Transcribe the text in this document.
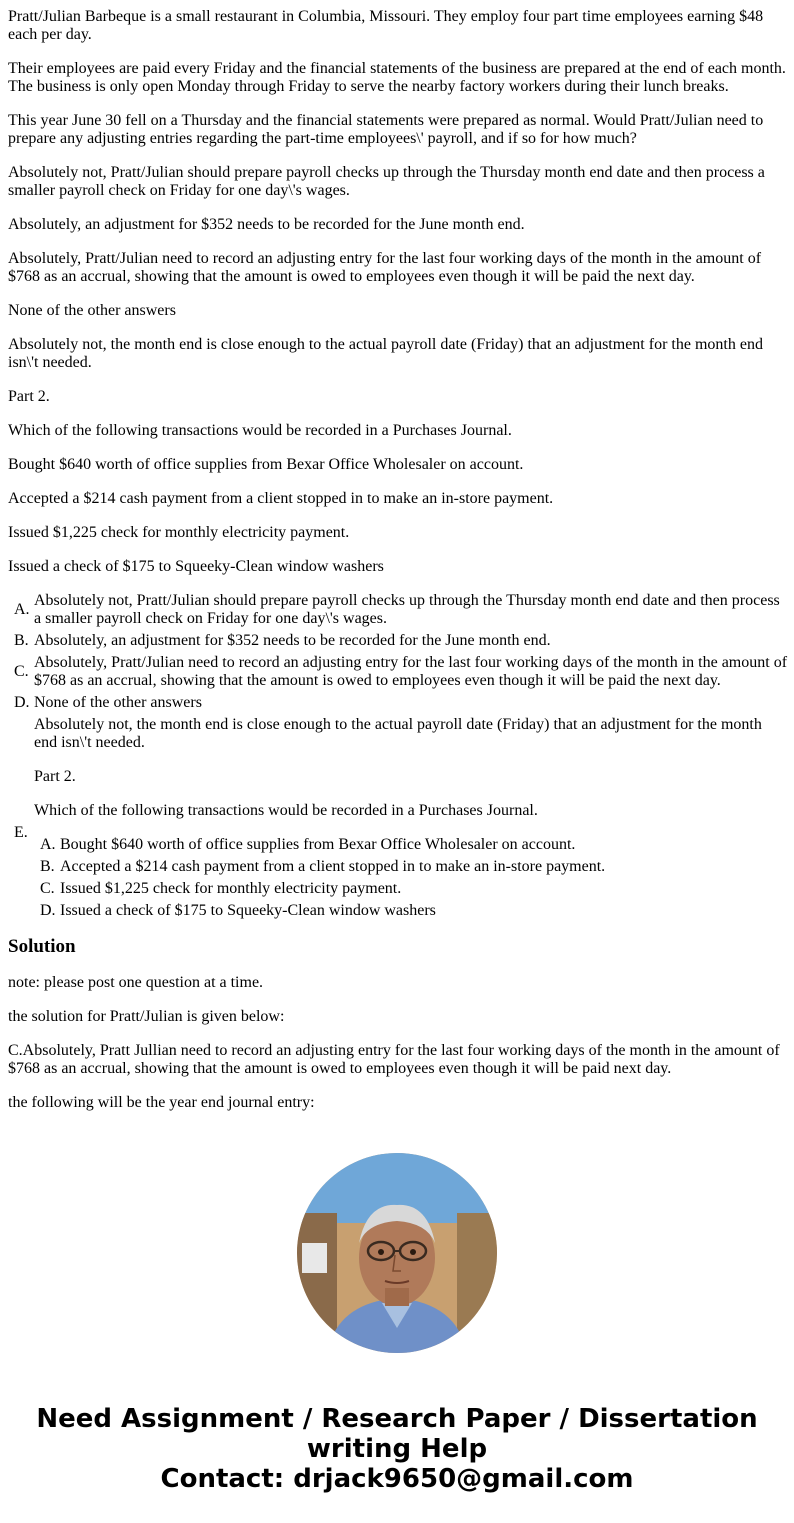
Pratt/Julian Barbeque is a small restaurant in Columbia, Missouri. They employ four part time employees earning $48 each per day.

Their employees are paid every Friday and the financial statements of the business are prepared at the end of each month. The business is only open Monday through Friday to serve the nearby factory workers during their lunch breaks.

This year June 30 fell on a Thursday and the financial statements were prepared as normal. Would Pratt/Julian need to prepare any adjusting entries regarding the part-time employees\' payroll, and if so for how much?

Absolutely not, Pratt/Julian should prepare payroll checks up through the Thursday month end date and then process a smaller payroll check on Friday for one day\'s wages.

Absolutely, an adjustment for $352 needs to be recorded for the June month end.

Absolutely, Pratt/Julian need to record an adjusting entry for the last four working days of the month in the amount of $768 as an accrual, showing that the amount is owed to employees even though it will be paid the next day.

None of the other answers

Absolutely not, the month end is close enough to the actual payroll date (Friday) that an adjustment for the month end isn\'t needed.

Part 2.

Which of the following transactions would be recorded in a Purchases Journal.

Bought $640 worth of office supplies from Bexar Office Wholesaler on account.

Accepted a $214 cash payment from a client stopped in to make an in-store payment.

Issued $1,225 check for monthly electricity payment.

Issued a check of $175 to Squeeky-Clean window washers

A.
Absolutely not, Pratt/Julian should prepare payroll checks up through the Thursday month end date and then process a smaller payroll check on Friday for one day\'s wages.
B. Absolutely, an adjustment for $352 needs to be recorded for the June month end.
C.
Absolutely, Pratt/Julian need to record an adjusting entry for the last four working days of the month in the amount of $768 as an accrual, showing that the amount is owed to employees even though it will be paid the next day.
D. None of the other answers
E.
Absolutely not, the month end is close enough to the actual payroll date (Friday) that an adjustment for the month end isn\'t needed.
Part 2.
Which of the following transactions would be recorded in a Purchases Journal.
A. Bought $640 worth of office supplies from Bexar Office Wholesaler on account.
B. Accepted a $214 cash payment from a client stopped in to make an in-store payment.
C. Issued $1,225 check for monthly electricity payment.
D. Issued a check of $175 to Squeeky-Clean window washers
Solution

note: please post one question at a time.

the solution for Pratt/Julian is given below:

C.Absolutely, Pratt Jullian need to record an adjusting entry for the last four working days of the month in the amount of $768 as an accrual, showing that the amount is owed to employees even though it will be paid next day.

the following will be the year end journal entry:

Need Assignment / Research Paper / Dissertation
writing Help
Contact: drjack9650@gmail.com
